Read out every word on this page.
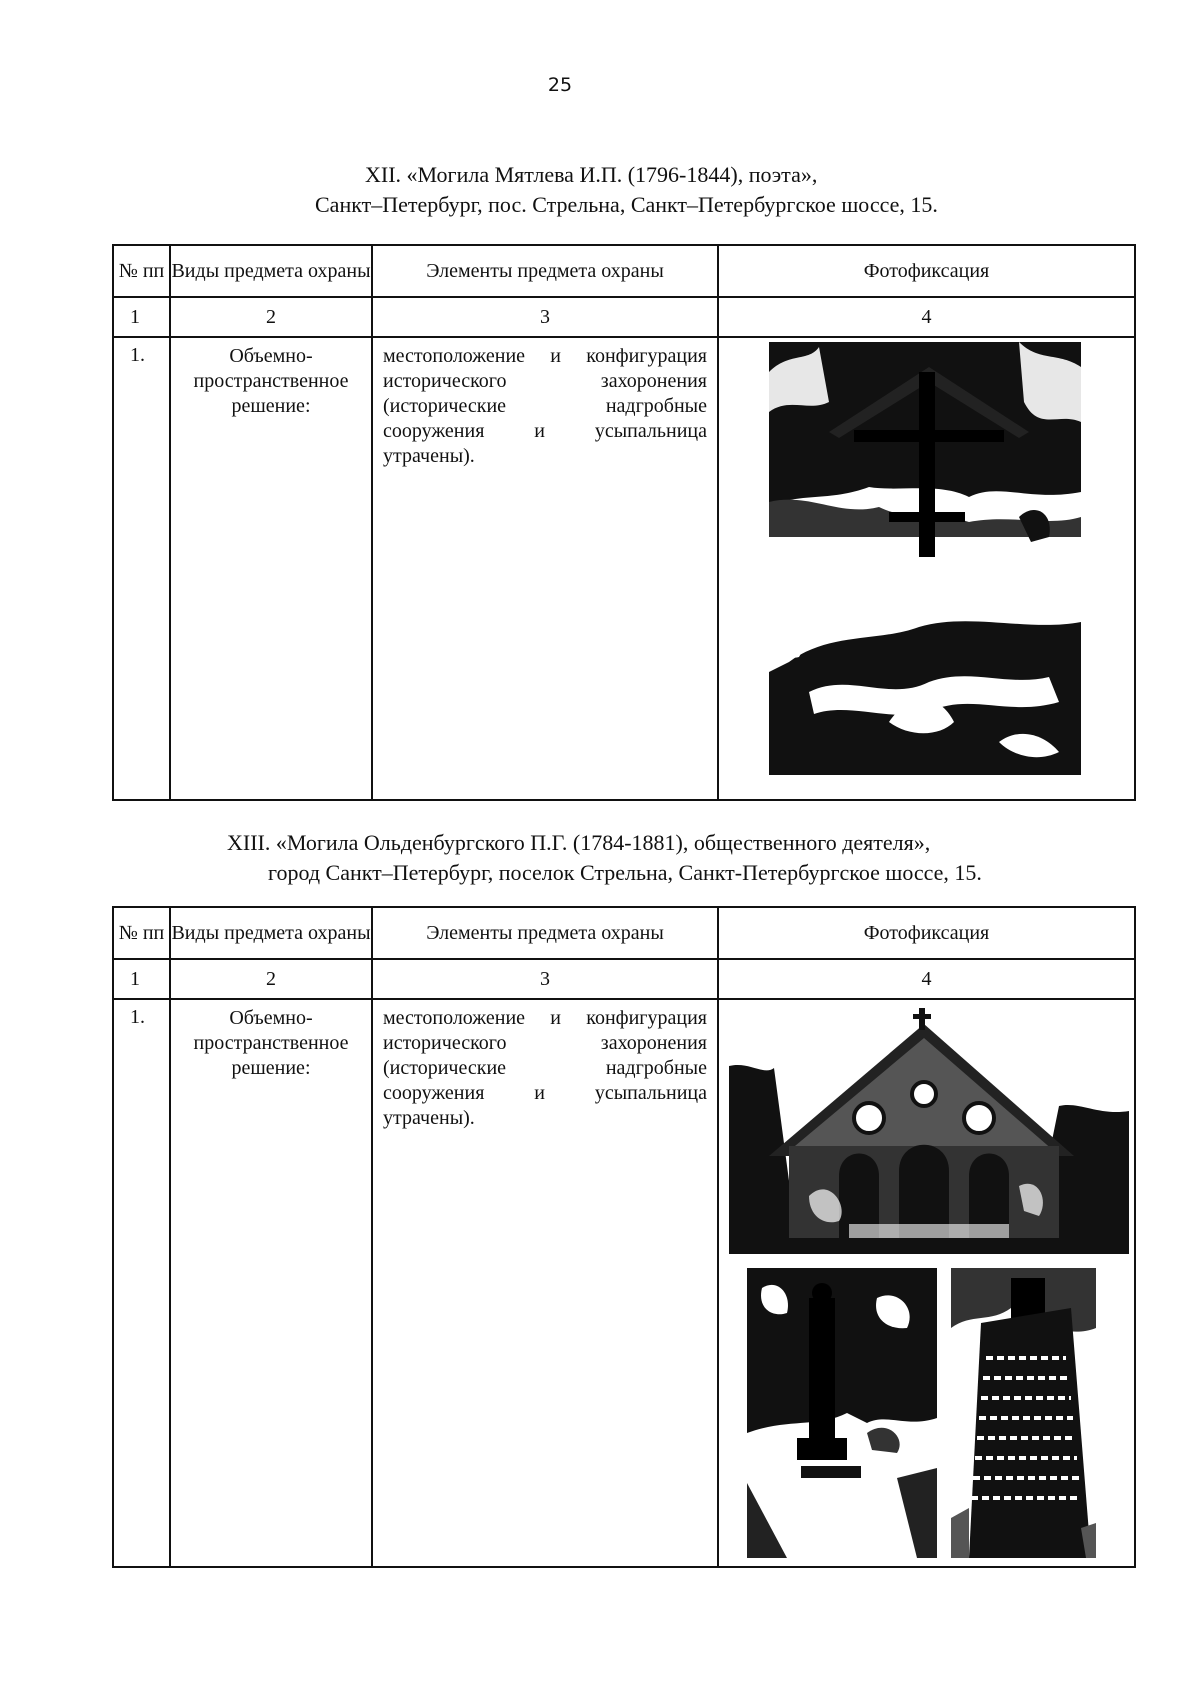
25
XII. «Могила Мятлева И.П. (1796-1844), поэта»,
Санкт–Петербург, пос. Стрельна, Санкт–Петербургское шоссе, 15.
№ пп	Виды предмета охраны	Элементы предмета охраны	Фотофиксация
1	2	3	4
1.	Объемно-пространственное решение:	местоположение и конфигурация исторического захоронения (исторические надгробные сооружения и усыпальница утрачены).	
XIII. «Могила Ольденбургского П.Г. (1784-1881), общественного деятеля»,
город Санкт–Петербург, поселок Стрельна, Санкт-Петербургское шоссе, 15.
№ пп	Виды предмета охраны	Элементы предмета охраны	Фотофиксация
1	2	3	4
1.	Объемно-пространственное решение:	местоположение и конфигурация исторического захоронения (исторические надгробные сооружения и усыпальница утрачены).	
